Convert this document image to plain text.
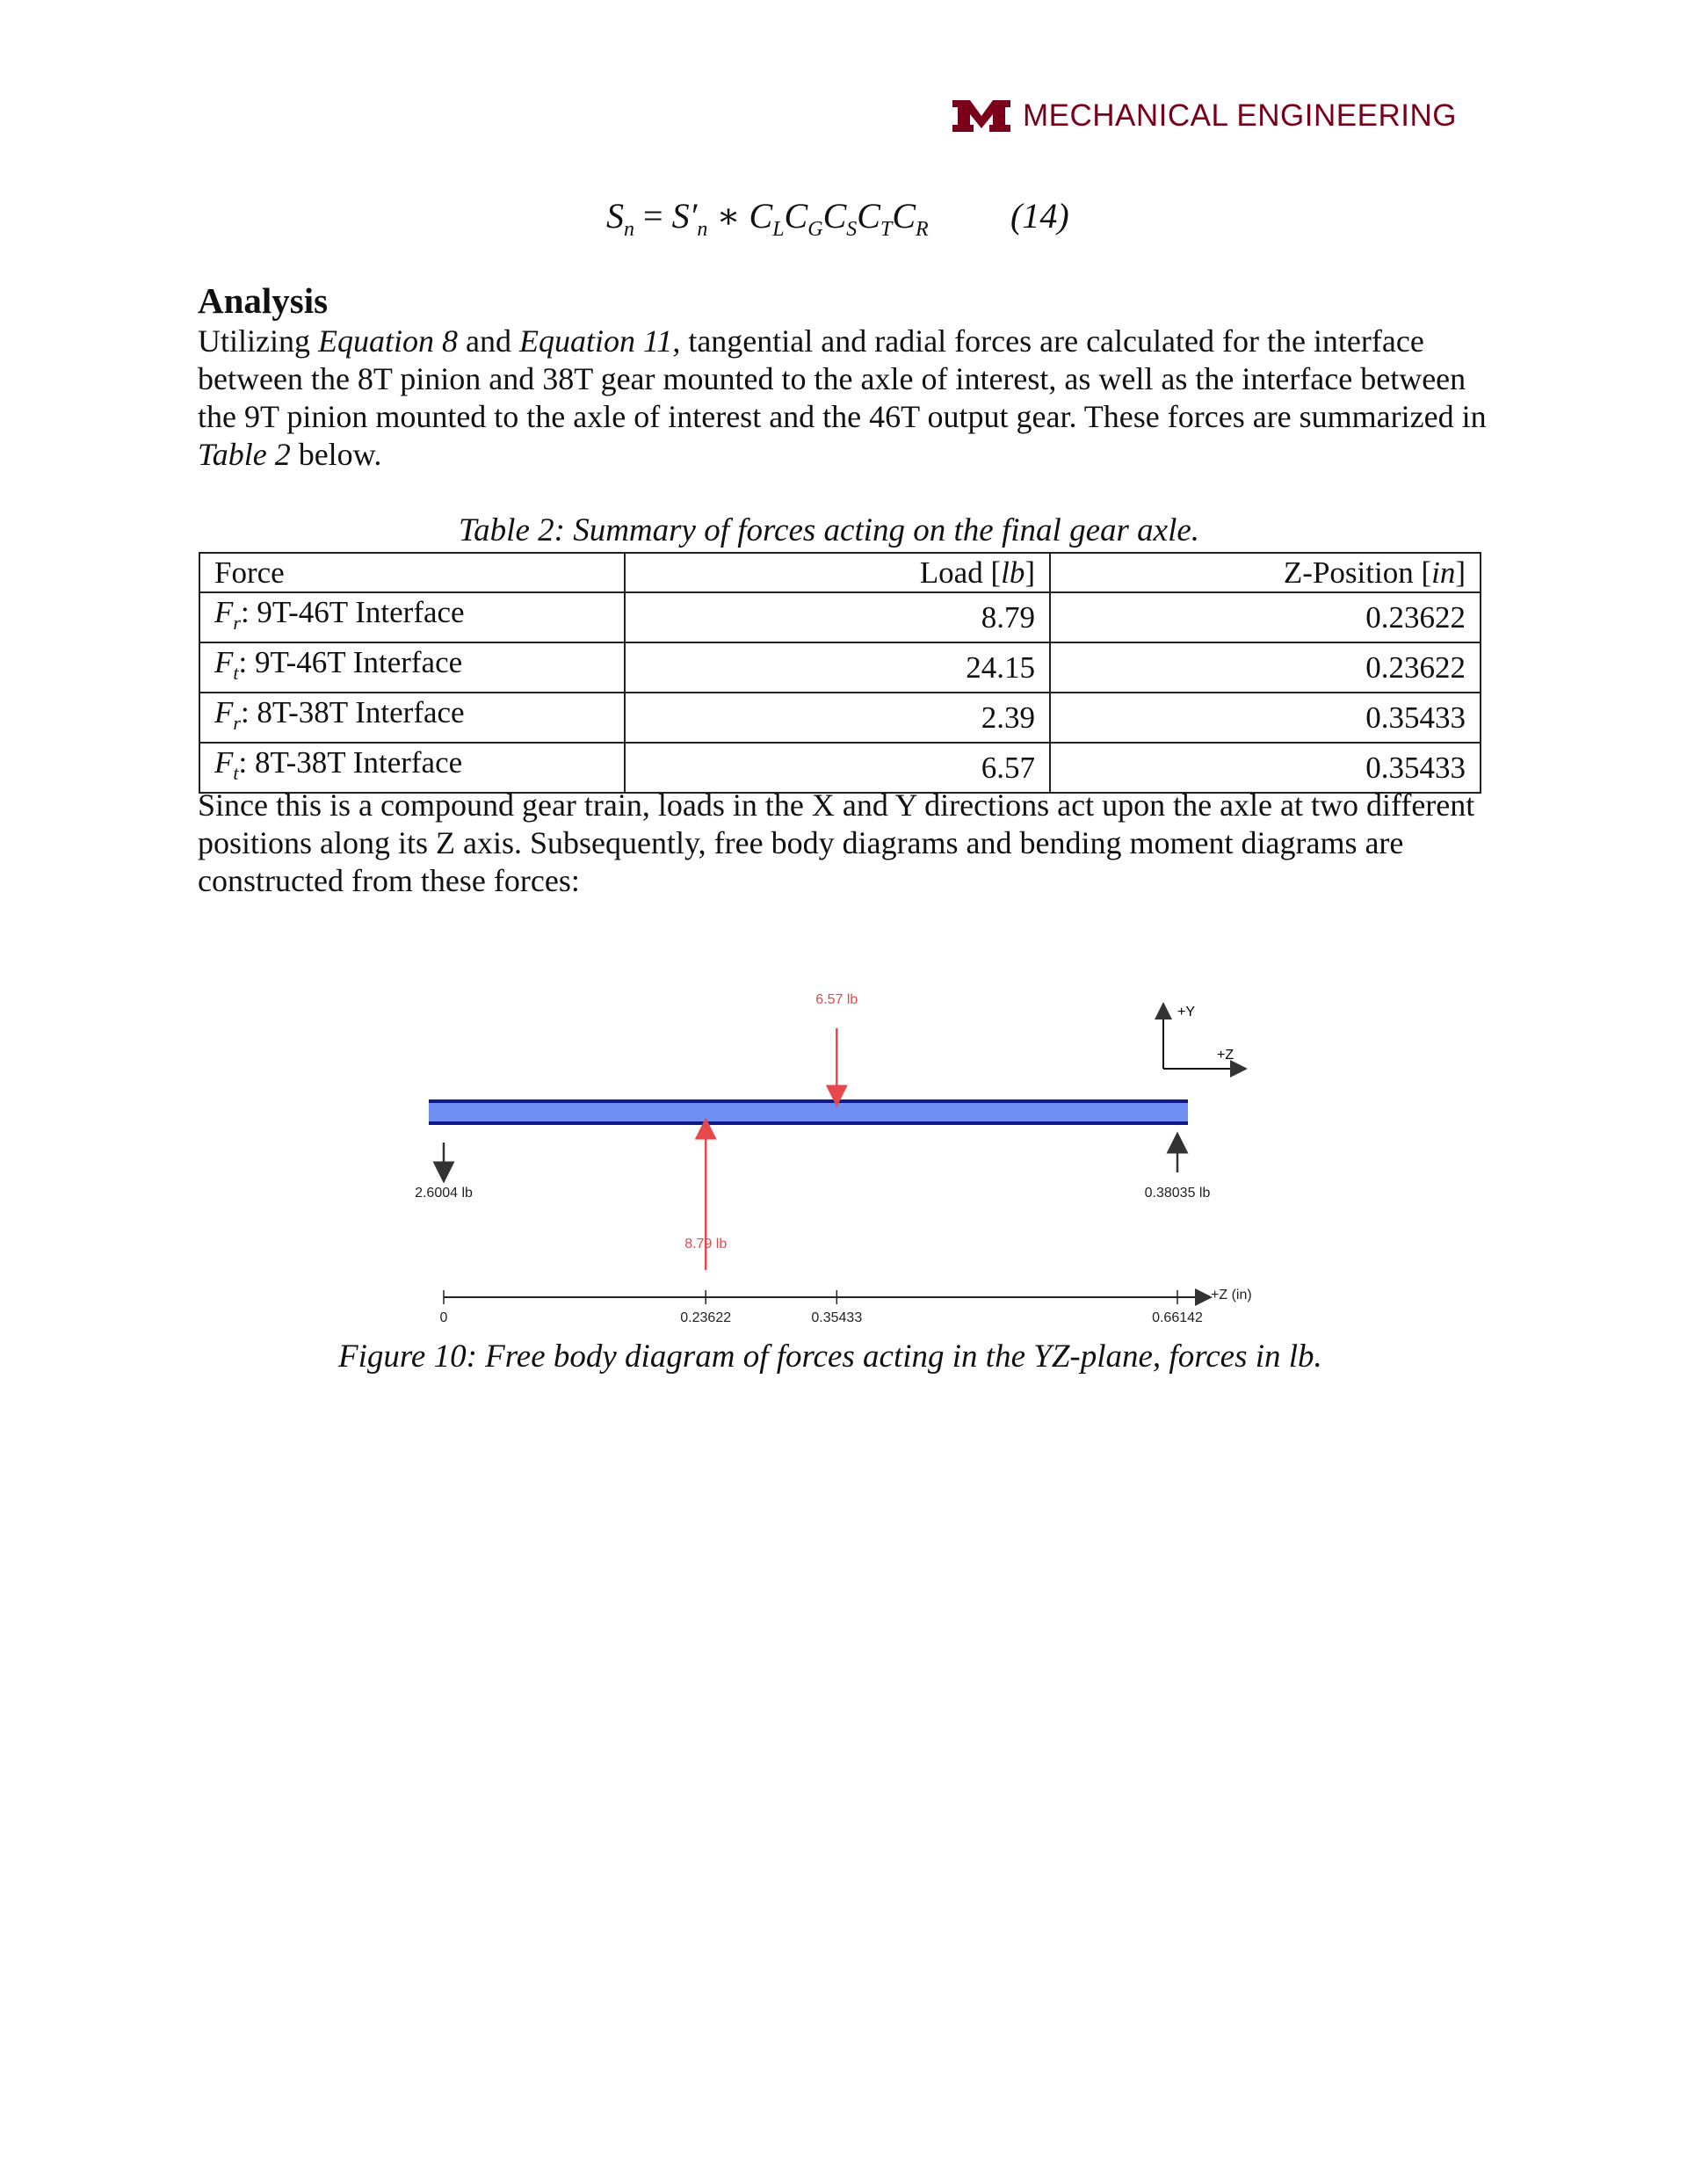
MECHANICAL ENGINEERING
$S_n = S'_n$ ∗ $C_LC_GC_SC_TC_R$ (14)
Analysis
Utilizing Equation 8 and Equation 11, tangential and radial forces are calculated for the interface between the 8T pinion and 38T gear mounted to the axle of interest, as well as the interface between the 9T pinion mounted to the axle of interest and the 46T output gear. These forces are summarized in Table 2 below.
Table 2: Summary of forces acting on the final gear axle.
Force	Load [lb]	Z-Position [in]
$F_r$: 9T-46T Interface	8.79	0.23622
$F_t$: 9T-46T Interface	24.15	0.23622
$F_r$: 8T-38T Interface	2.39	0.35433
$F_t$: 8T-38T Interface	6.57	0.35433
Since this is a compound gear train, loads in the X and Y directions act upon the axle at two different positions along its Z axis. Subsequently, free body diagrams and bending moment diagrams are constructed from these forces:
+Y
+Z
2.6004 lb
8.79 lb
6.57 lb
0.38035 lb
+Z (in)
0	0.23622	0.35433	0.66142
Figure 10: Free body diagram of forces acting in the YZ-plane, forces in lb.
